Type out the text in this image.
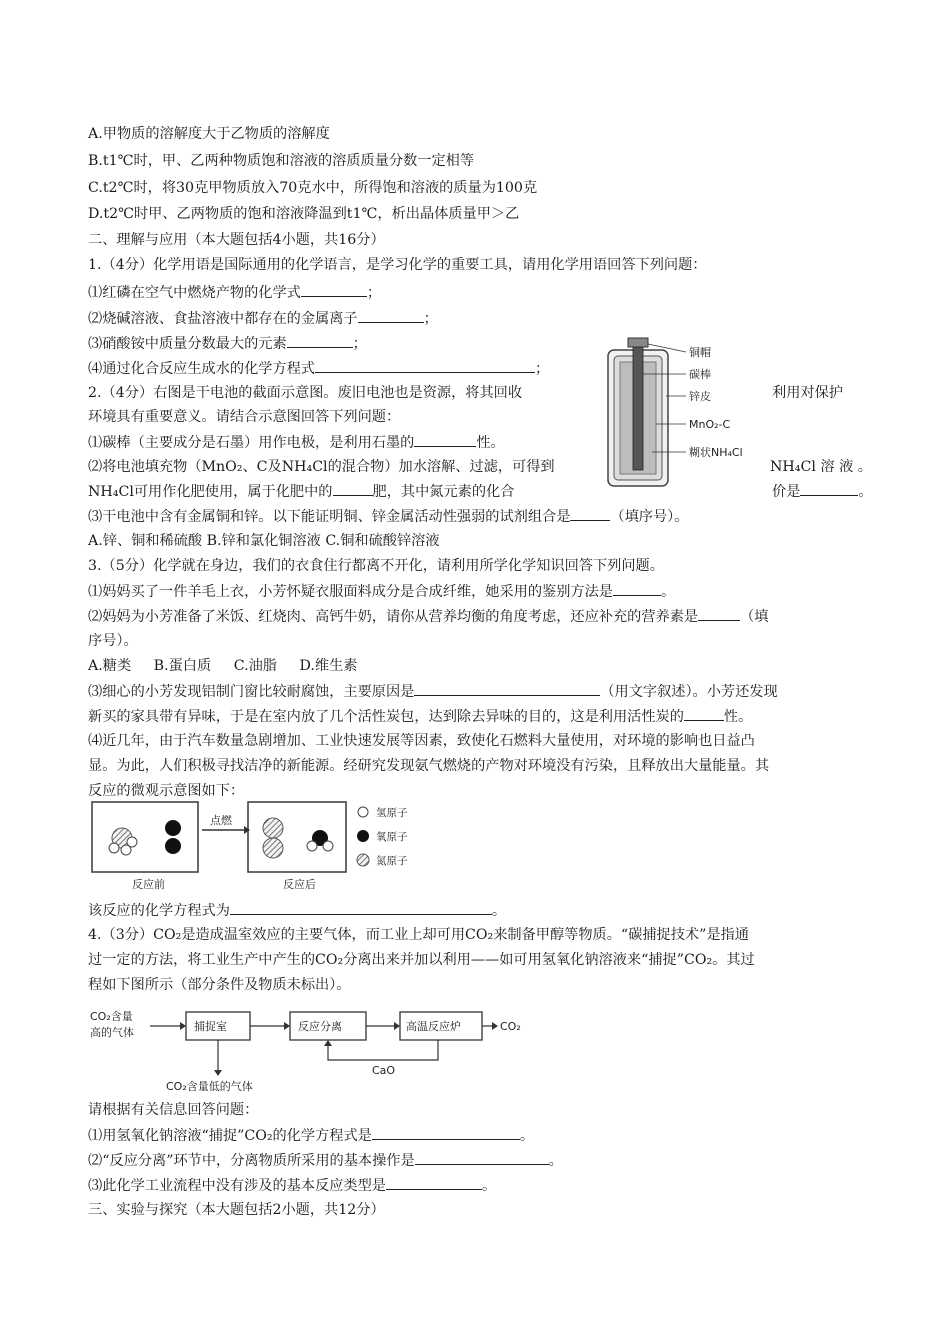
A.甲物质的溶解度大于乙物质的溶解度
B.t1℃时，甲、乙两种物质饱和溶液的溶质质量分数一定相等
C.t2℃时，将30克甲物质放入70克水中，所得饱和溶液的质量为100克
D.t2℃时甲、乙两物质的饱和溶液降温到t1℃，析出晶体质量甲＞乙
二、理解与应用（本大题包括4小题，共16分）
1.（4分）化学用语是国际通用的化学语言，是学习化学的重要工具，请用化学用语回答下列问题：
⑴红磷在空气中燃烧产物的化学式	；
⑵烧碱溶液、食盐溶液中都存在的金属离子	；
⑶硝酸铵中质量分数最大的元素	；
⑷通过化合反应生成水的化学方程式	；
2.（4分）右图是干电池的截面示意图。废旧电池也是资源，将其回收	利用对保护
环境具有重要意义。请结合示意图回答下列问题：
⑴碳棒（主要成分是石墨）用作电极，是利用石墨的	性。
⑵将电池填充物（MnO₂、C及NH₄Cl的混合物）加水溶解、过滤，可得到	NH₄Cl 溶 液 。
NH₄Cl可用作化肥使用，属于化肥中的	肥，其中氮元素的化合	价是	。
⑶干电池中含有金属铜和锌。以下能证明铜、锌金属活动性强弱的试剂组合是	（填序号）。
A.锌、铜和稀硫酸 B.锌和氯化铜溶液 C.铜和硫酸锌溶液
3.（5分）化学就在身边，我们的衣食住行都离不开化，请利用所学化学知识回答下列问题。
⑴妈妈买了一件羊毛上衣，小芳怀疑衣服面料成分是合成纤维，她采用的鉴别方法是	。
⑵妈妈为小芳准备了米饭、红烧肉、高钙牛奶，请你从营养均衡的角度考虑，还应补充的营养素是	（填
序号）。
A.糖类     B.蛋白质     C.油脂     D.维生素
⑶细心的小芳发现铝制门窗比较耐腐蚀，主要原因是	（用文字叙述）。小芳还发现
新买的家具带有异味，于是在室内放了几个活性炭包，达到除去异味的目的，这是利用活性炭的	性。
⑷近几年，由于汽车数量急剧增加、工业快速发展等因素，致使化石燃料大量使用，对环境的影响也日益凸
显。为此，人们积极寻找洁净的新能源。经研究发现氨气燃烧的产物对环境没有污染，且释放出大量能量。其
反应的微观示意图如下：
该反应的化学方程式为	。
4.（3分）CO₂是造成温室效应的主要气体，而工业上却可用CO₂来制备甲醇等物质。“碳捕捉技术”是指通
过一定的方法，将工业生产中产生的CO₂分离出来并加以利用——如可用氢氧化钠溶液来“捕捉”CO₂。其过
程如下图所示（部分条件及物质未标出）。
请根据有关信息回答问题：
⑴用氢氧化钠溶液“捕捉”CO₂的化学方程式是	。
⑵“反应分离”环节中，分离物质所采用的基本操作是	。
⑶此化学工业流程中没有涉及的基本反应类型是	。
三、实验与探究（本大题包括2小题，共12分）
铜帽
碳棒
锌皮
MnO₂-C
糊状NH₄Cl
点燃
反应前	反应后
氢原子
氧原子
氮原子
CO₂含量
高的气体	捕捉室	反应分离	高温反应炉	CO₂
CaO
CO₂含量低的气体
